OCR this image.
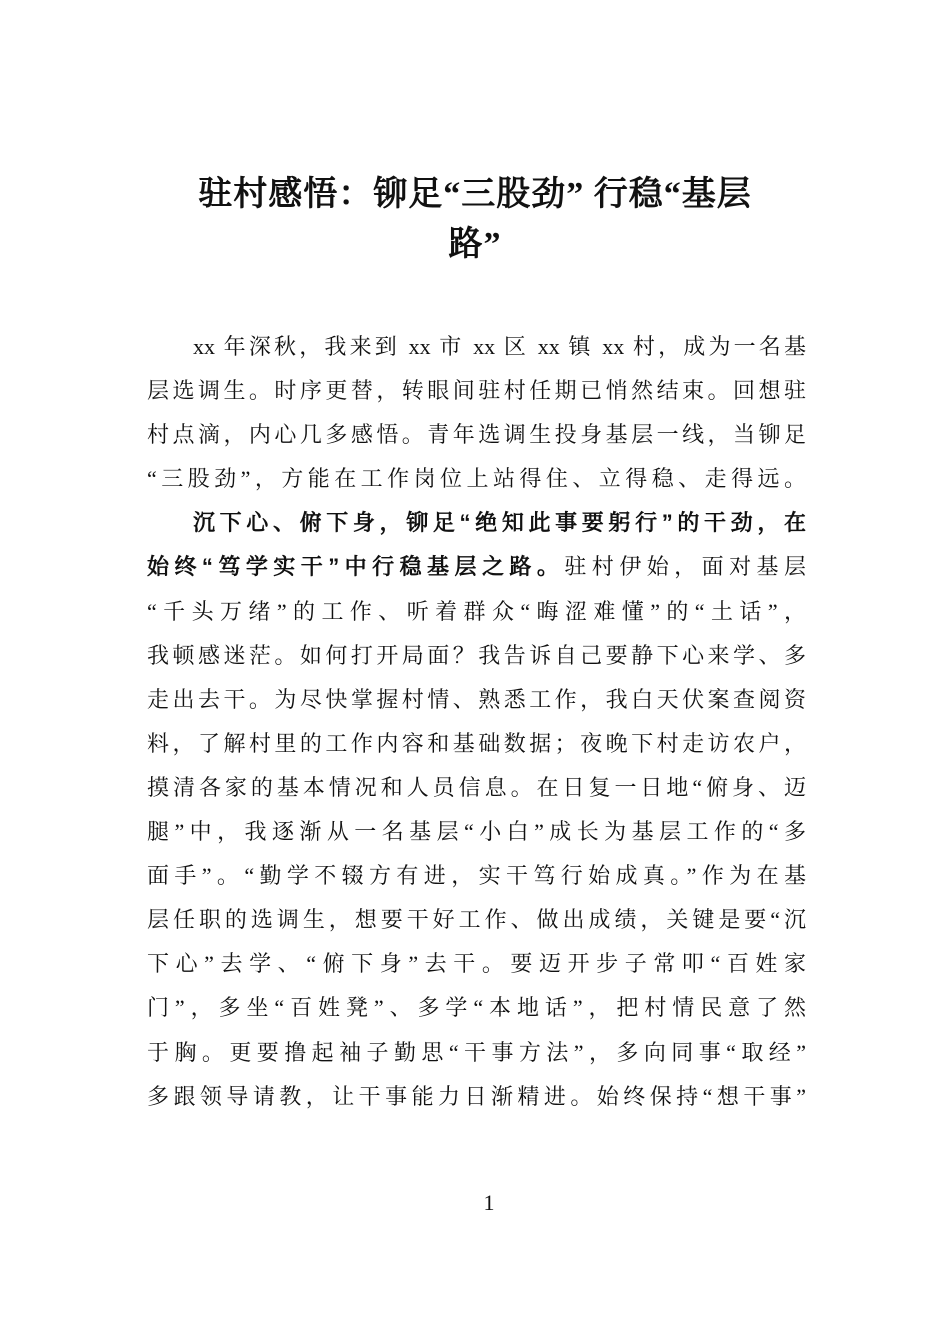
驻村感悟：铆足“三股劲” 行稳“基层
路”
xx 年深秋，我来到 xx 市 xx 区 xx 镇 xx 村，成为一名基
层选调生。时序更替，转眼间驻村任期已悄然结束。回想驻
村点滴，内心几多感悟。青年选调生投身基层一线，当铆足
“三股劲”，方能在工作岗位上站得住、立得稳、走得远。
沉下心、俯下身，铆足“绝知此事要躬行”的干劲，在
始终“笃学实干”中行稳基层之路。驻村伊始，面对基层
“千头万绪”的工作、听着群众“晦涩难懂”的“土话”，
我顿感迷茫。如何打开局面？我告诉自己要静下心来学、多
走出去干。为尽快掌握村情、熟悉工作，我白天伏案查阅资
料，了解村里的工作内容和基础数据；夜晚下村走访农户，
摸清各家的基本情况和人员信息。在日复一日地“俯身、迈
腿”中，我逐渐从一名基层“小白”成长为基层工作的“多
面手”。“勤学不辍方有进，实干笃行始成真。”作为在基
层任职的选调生，想要干好工作、做出成绩，关键是要“沉
下心”去学、“俯下身”去干。要迈开步子常叩“百姓家
门”，多坐“百姓凳”、多学“本地话”，把村情民意了然
于胸。更要撸起袖子勤思“干事方法”，多向同事“取经”
多跟领导请教，让干事能力日渐精进。始终保持“想干事”
1
